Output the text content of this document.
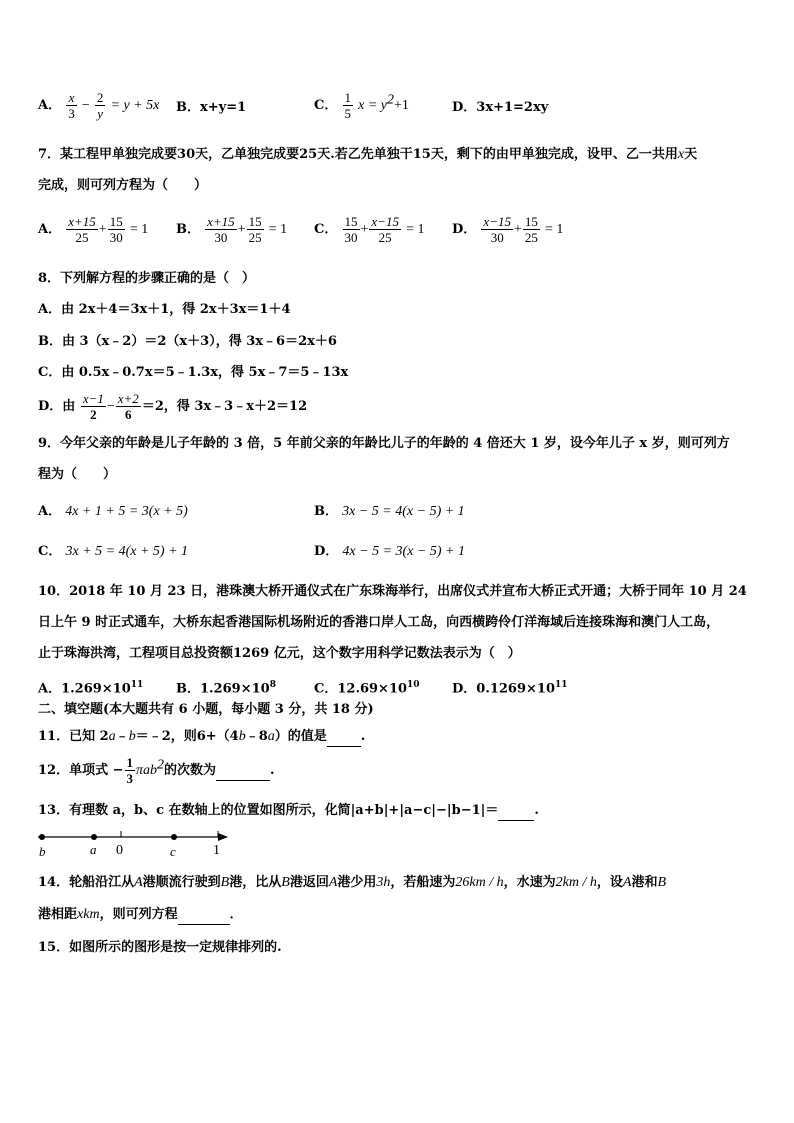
A． $\frac{x}{3} - \frac{2}{y} = y + 5x$ B．x+y=1	C． $\frac{1}{5}$ $x = y^2+1$	D．3x+1=2xy
7．某工程甲单独完成要30天，乙单独完成要25天.若乙先单独干15天，剩下的由甲单独完成，设甲、乙一共用x天
完成，则可列方程为（　　）
A． $\frac{x+15}{25} + \frac{15}{30} = 1$ B． $\frac{x+15}{30} + \frac{15}{25} = 1$ C． $\frac{15}{30} + \frac{x-15}{25} = 1$ D． $\frac{x-15}{30} + \frac{15}{25} = 1$
8．下列解方程的步骤正确的是（　）
A．由 2x＋4＝3x＋1，得 2x＋3x＝1＋4
B．由 3（x﹣2）＝2（x＋3），得 3x﹣6＝2x＋6
C．由 0.5x﹣0.7x＝5﹣1.3x，得 5x﹣7＝5﹣13x
D．由 $\frac{x-1}{2} - \frac{x+2}{6} =2$，得 3x﹣3﹣x＋2＝12
9．今年父亲的年龄是儿子年龄的 3 倍，5 年前父亲的年龄比儿子的年龄的 4 倍还大 1 岁，设今年儿子 x 岁，则可列方
程为（　　）
A． 4x + 1 + 5 = 3(x + 5)	B． 3x − 5 = 4(x − 5) + 1
C． 3x + 5 = 4(x + 5) + 1	D． 4x − 5 = 3(x − 5) + 1
10．2018 年 10 月 23 日，港珠澳大桥开通仪式在广东珠海举行，出席仪式并宣布大桥正式开通；大桥于同年 10 月 24
日上午 9 时正式通车，大桥东起香港国际机场附近的香港口岸人工岛，向西横跨伶仃洋海域后连接珠海和澳门人工岛，
止于珠海洪湾，工程项目总投资额1269 亿元，这个数字用科学记数法表示为（　）
A．$1.269\times 10^{11}$	B．$1.269\times 10^8$	C．$12.69\times 10^{10}$ D．$0.1269\times 10^{11}$
二、填空题(本大题共有 6 小题，每小题 3 分，共 18 分)
11．已知 2a﹣b＝﹣2，则6+（4b﹣8a）的值是	.
12．单项式 − $\frac{1}{3} \pi ab^2$的次数为	.
13．有理数 a，b、c 在数轴上的位置如图所示，化简|a+b|+|a−c|−|b−1|＝	.
b	a 0	c	1
14．轮船沿江从A港顺流行驶到B港，比从B港返回A港少用3h，若船速为26km / h，水速为2km / h，设A港和B
港相距xkm，则可列方程	．
15．如图所示的图形是按一定规律排列的.
